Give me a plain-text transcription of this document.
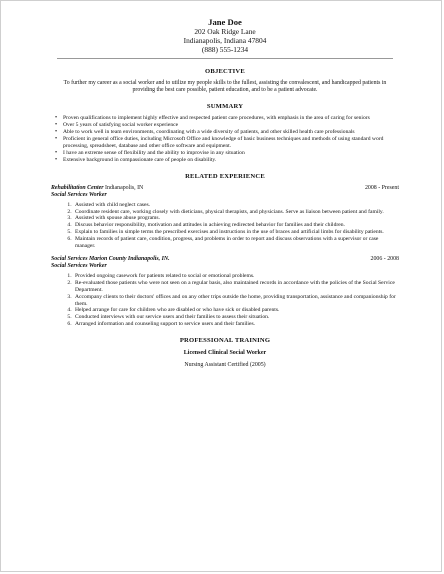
Jane Doe
202 Oak Ridge Lane
Indianapolis, Indiana 47804
(888) 555-1234
OBJECTIVE
To further my career as a social worker and to utilize my people skills to the fullest, assisting the convalescent, and handicapped patients in providing the best care possible, patient education, and to be a patient advocate.
SUMMARY
• Proven qualifications to implement highly effective and respected patient care procedures, with emphasis in the area of caring for seniors
• Over 5 years of satisfying social worker experience
• Able to work well in team environments, coordinating with a wide diversity of patients, and other skilled health care professionals
• Proficient in general office duties, including Microsoft Office and knowledge of basic business techniques and methods of using standard word processing, spreadsheet, database and other office software and equipment.
• I have an extreme sense of flexibility and the ability to improvise in any situation
• Extensive background in compassionate care of people on disability.
RELATED EXPERIENCE
Rehabilitation Center Indianapolis, IN	2008 - Present
Social Services Worker
1. Assisted with child neglect cases.
2. Coordinate resident care, working closely with dieticians, physical therapists, and physicians. Serve as liaison between patient and family.
3. Assisted with spouse abuse programs.
4. Discuss behavior responsibility, motivation and attitudes in achieving redirected behavior for families and their children.
5. Explain to families in simple terms the prescribed exercises and instructions in the use of braces and artificial limbs for disability patients.
6. Maintain records of patient care, condition, progress, and problems in order to report and discuss observations with a supervisor or case manager.
Social Services Marion County Indianapolis, IN.	2006 - 2008
Social Services Worker
1. Provided ongoing casework for patients related to social or emotional problems.
2. Re-evaluated those patients who were not seen on a regular basis, also maintained records in accordance with the policies of the Social Service Department.
3. Accompany clients to their doctors' offices and on any other trips outside the home, providing transportation, assistance and companionship for them.
4. Helped arrange for care for children who are disabled or who have sick or disabled parents.
5. Conducted interviews with our service users and their families to assess their situation.
6. Arranged information and counseling support to service users and their families.
PROFESSIONAL TRAINING
Licensed Clinical Social Worker
Nursing Assistant Certified (2005)
